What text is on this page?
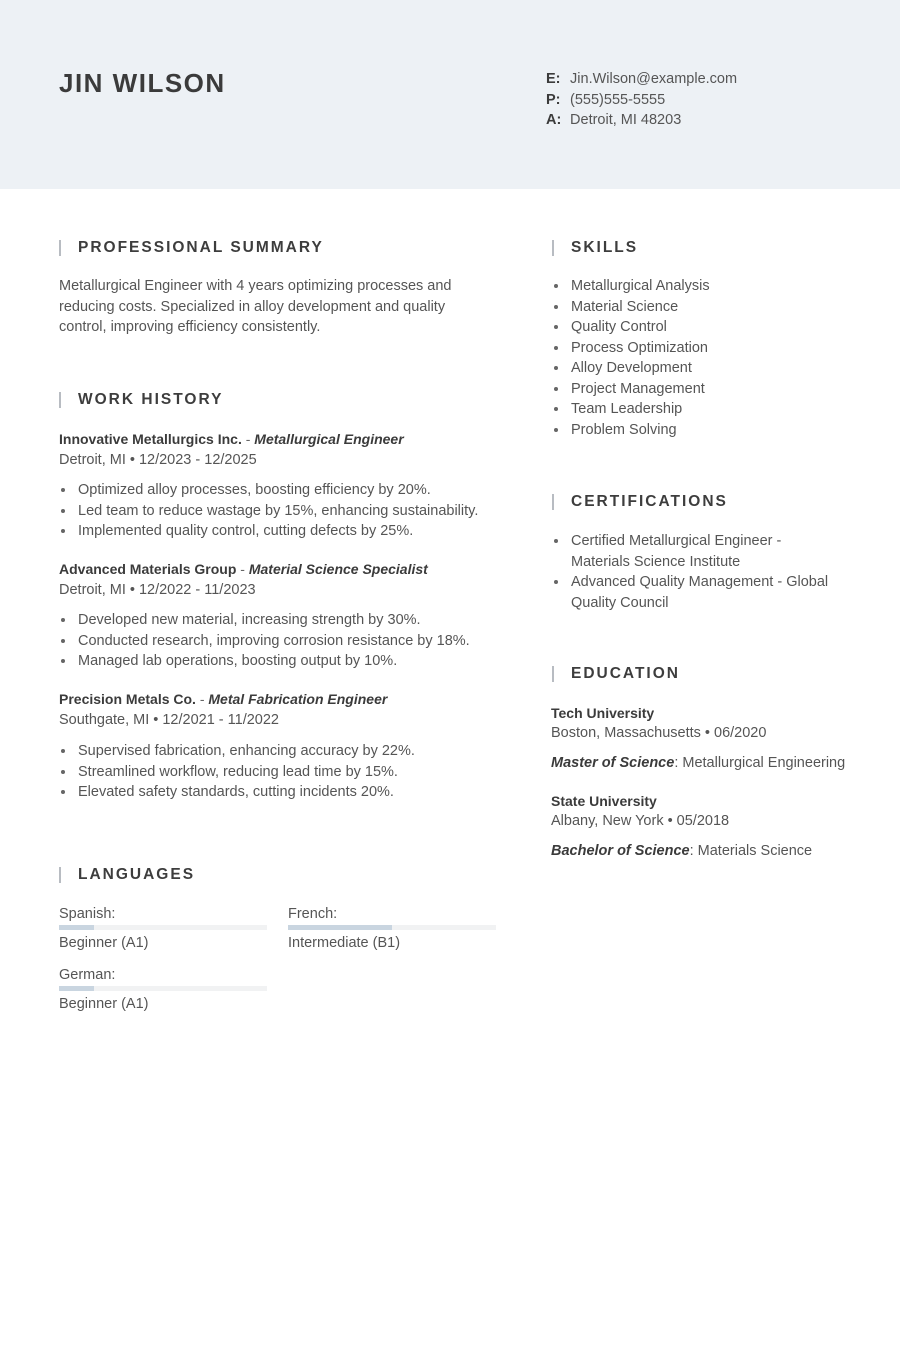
JIN WILSON	E: Jin.Wilson@example.com
P: (555)555-5555
A: Detroit, MI 48203
PROFESSIONAL SUMMARY
Metallurgical Engineer with 4 years optimizing processes and
reducing costs. Specialized in alloy development and quality
control, improving efficiency consistently.
WORK HISTORY
Innovative Metallurgics Inc. - Metallurgical Engineer
Detroit, MI • 12/2023 - 12/2025
Optimized alloy processes, boosting efficiency by 20%.
Led team to reduce wastage by 15%, enhancing sustainability.
Implemented quality control, cutting defects by 25%.
Advanced Materials Group - Material Science Specialist
Detroit, MI • 12/2022 - 11/2023
Developed new material, increasing strength by 30%.
Conducted research, improving corrosion resistance by 18%.
Managed lab operations, boosting output by 10%.
Precision Metals Co. - Metal Fabrication Engineer
Southgate, MI • 12/2021 - 11/2022
Supervised fabrication, enhancing accuracy by 22%.
Streamlined workflow, reducing lead time by 15%.
Elevated safety standards, cutting incidents 20%.
LANGUAGES
Spanish:
Beginner (A1)
French:
Intermediate (B1)
German:
Beginner (A1)
SKILLS
Metallurgical Analysis
Material Science
Quality Control
Process Optimization
Alloy Development
Project Management
Team Leadership
Problem Solving
CERTIFICATIONS
Certified Metallurgical Engineer -
Materials Science Institute
Advanced Quality Management - Global
Quality Council
EDUCATION
Tech University
Boston, Massachusetts • 06/2020
Master of Science: Metallurgical Engineering
State University
Albany, New York • 05/2018
Bachelor of Science: Materials Science
